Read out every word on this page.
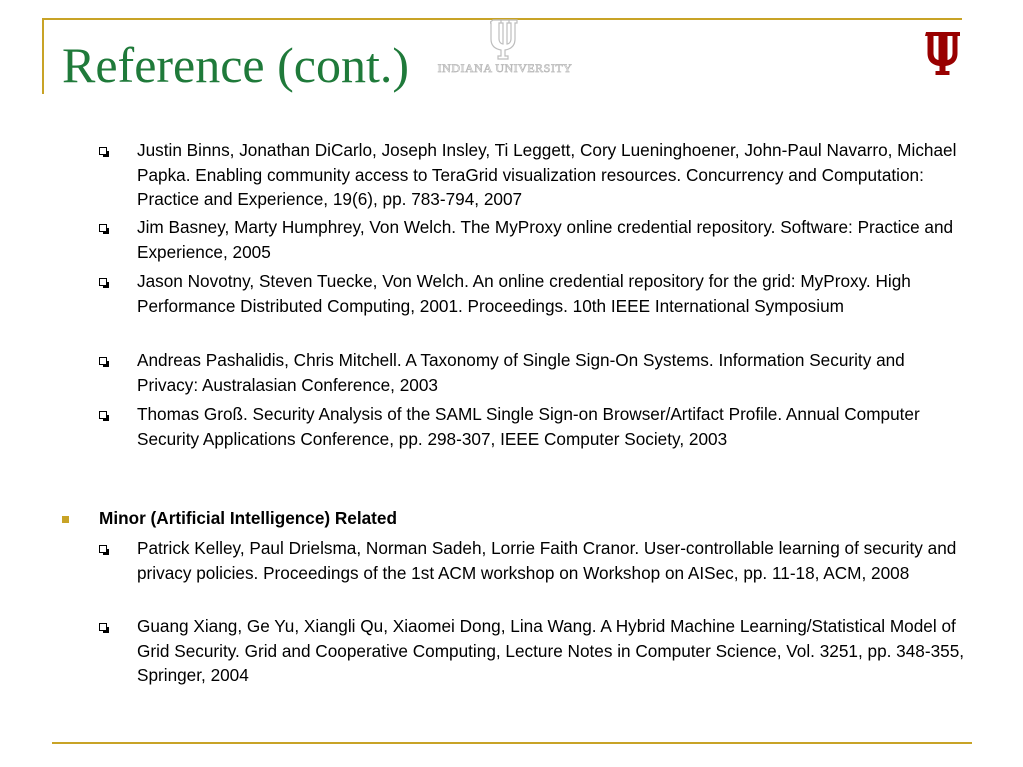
Reference (cont.)	INDIANA UNIVERSITY
Justin Binns, Jonathan DiCarlo, Joseph Insley, Ti Leggett, Cory Lueninghoener, John-Paul Navarro, Michael Papka. Enabling community access to TeraGrid visualization resources. Concurrency and Computation: Practice and Experience, 19(6), pp. 783-794, 2007
Jim Basney, Marty Humphrey, Von Welch. The MyProxy online credential repository. Software: Practice and Experience, 2005
Jason Novotny, Steven Tuecke, Von Welch. An online credential repository for the grid: MyProxy. High Performance Distributed Computing, 2001. Proceedings. 10th IEEE International Symposium
Andreas Pashalidis, Chris Mitchell. A Taxonomy of Single Sign-On Systems. Information Security and Privacy: Australasian Conference, 2003
Thomas Groß. Security Analysis of the SAML Single Sign-on Browser/Artifact Profile. Annual Computer Security Applications Conference, pp. 298-307, IEEE Computer Society, 2003
Minor (Artificial Intelligence) Related
Patrick Kelley, Paul Drielsma, Norman Sadeh, Lorrie Faith Cranor. User-controllable learning of security and privacy policies. Proceedings of the 1st ACM workshop on Workshop on AISec, pp. 11-18, ACM, 2008
Guang Xiang, Ge Yu, Xiangli Qu, Xiaomei Dong, Lina Wang. A Hybrid Machine Learning/Statistical Model of Grid Security. Grid and Cooperative Computing, Lecture Notes in Computer Science, Vol. 3251, pp. 348-355, Springer, 2004
